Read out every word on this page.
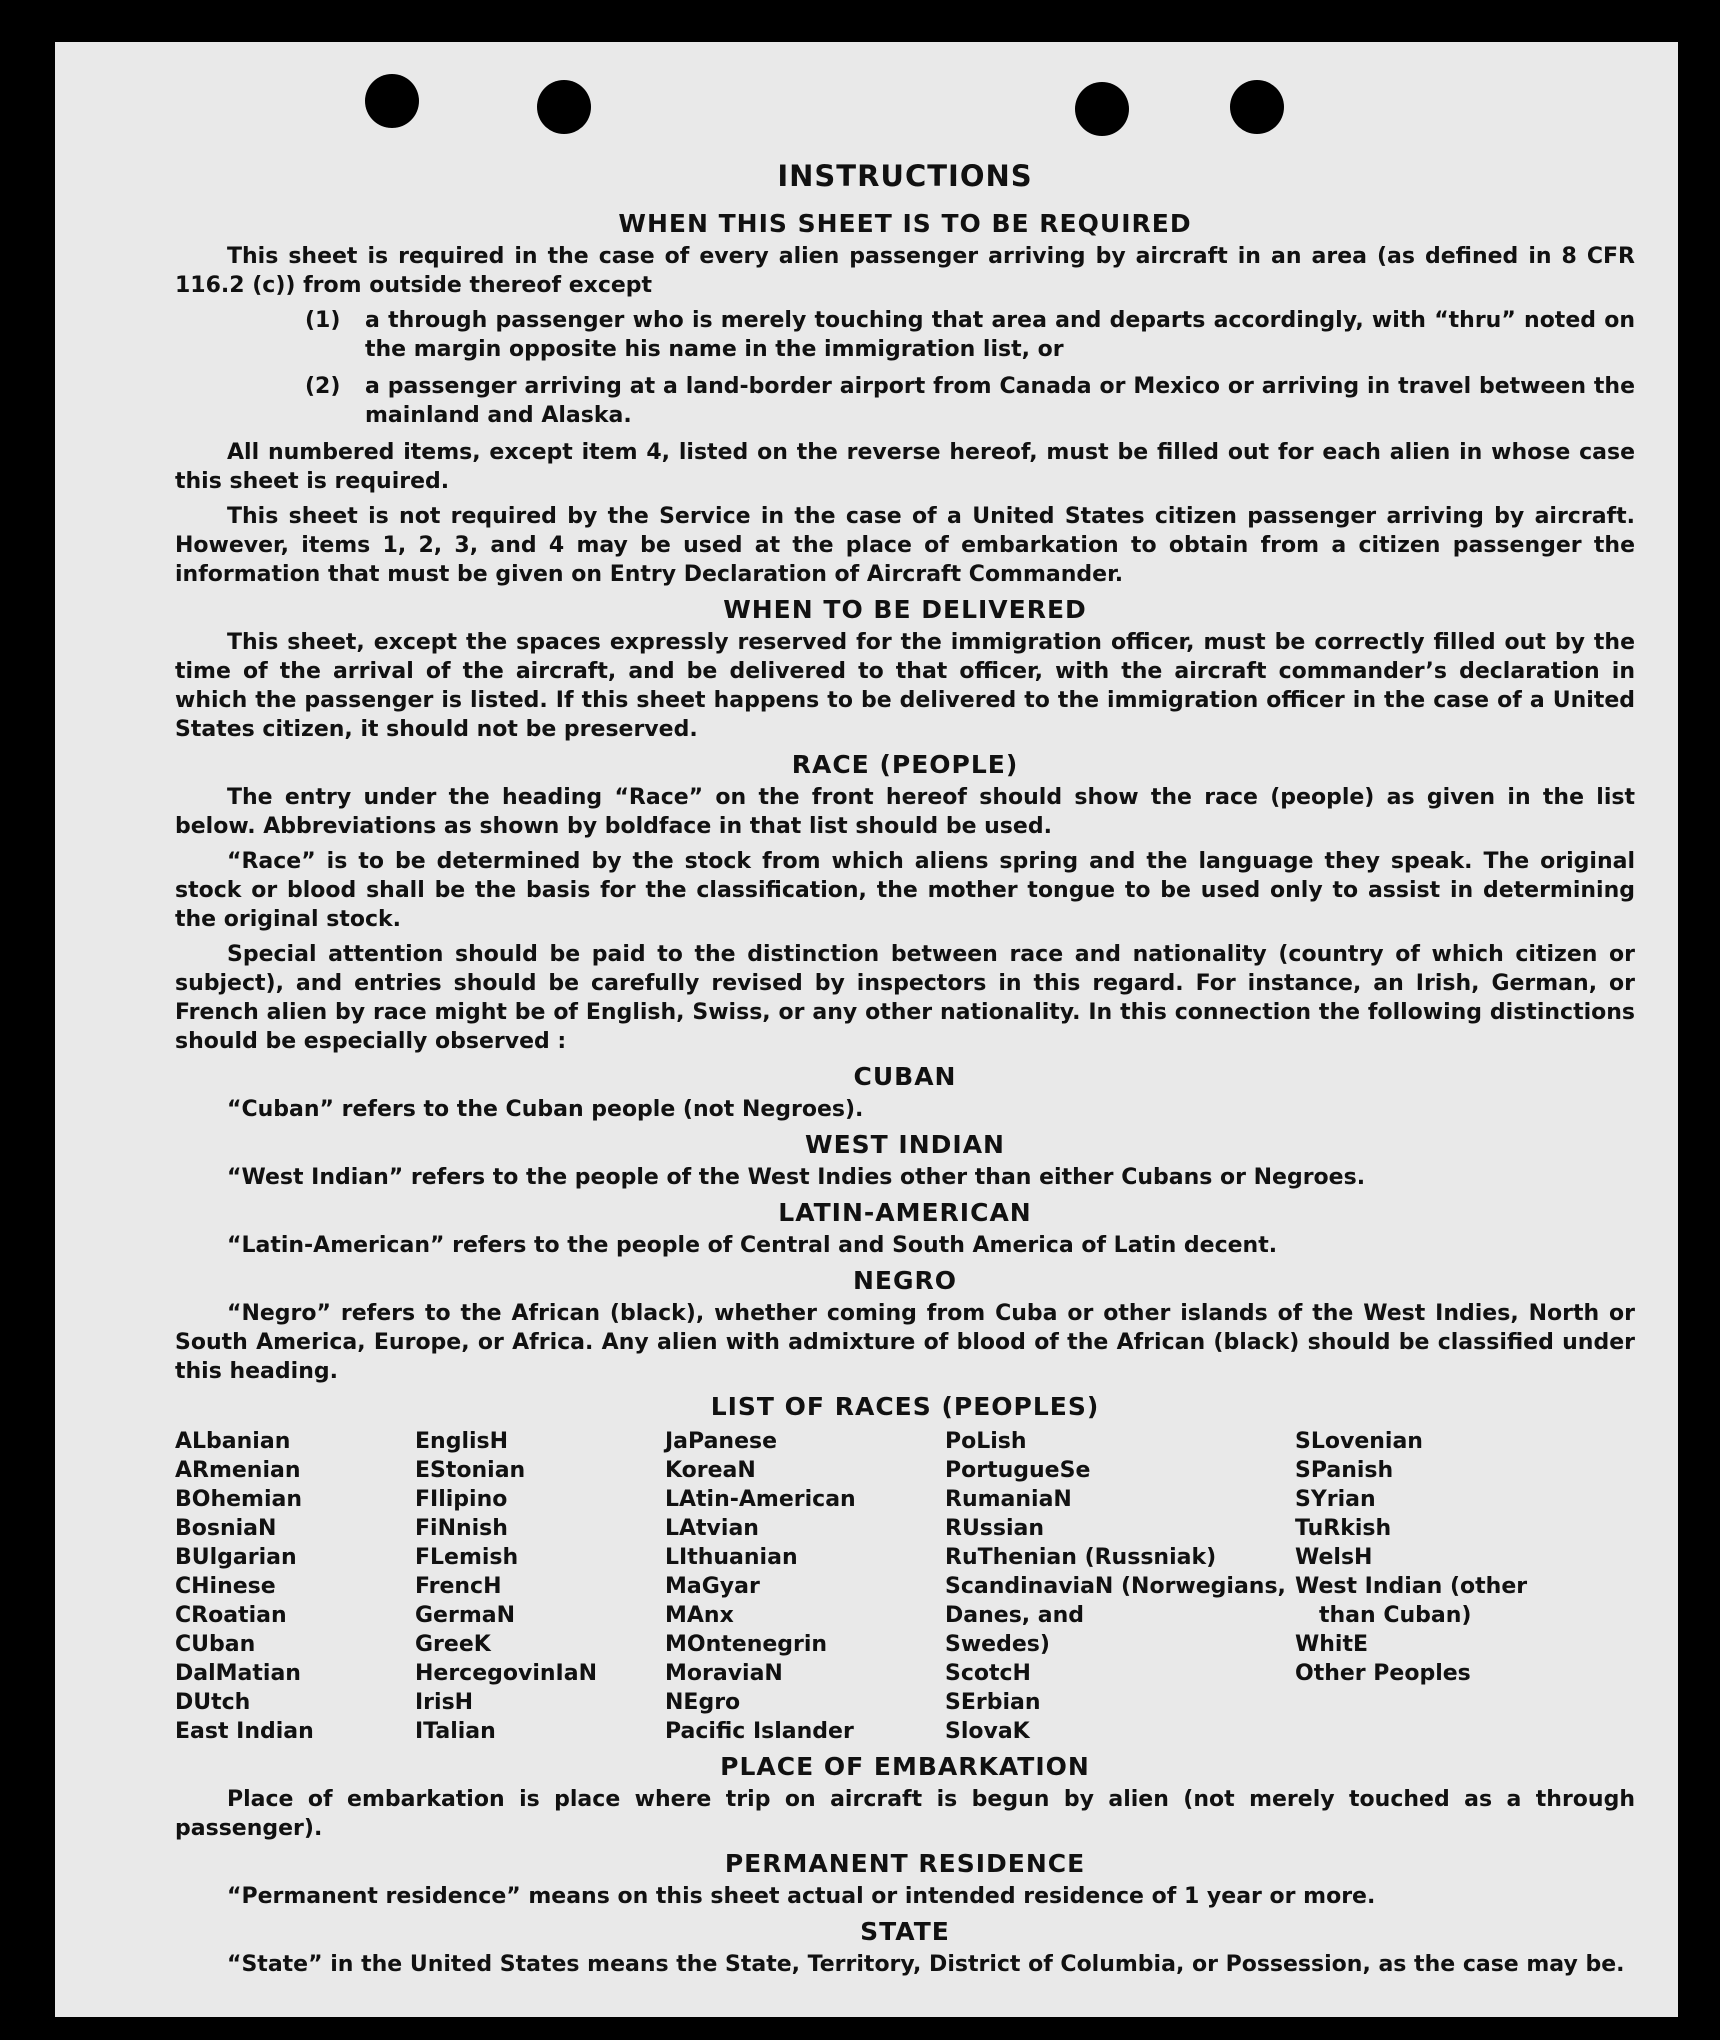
INSTRUCTIONS
WHEN THIS SHEET IS TO BE REQUIRED

This sheet is required in the case of every alien passenger arriving by aircraft in an area (as defined in 8 CFR 116.2 (c)) from outside thereof except

(1)	a through passenger who is merely touching that area and departs accordingly, with “thru” noted on the margin opposite his name in the immigration list, or
(2)	a passenger arriving at a land-border airport from Canada or Mexico or arriving in travel between the mainland and Alaska.

All numbered items, except item 4, listed on the reverse hereof, must be filled out for each alien in whose case this sheet is required.

This sheet is not required by the Service in the case of a United States citizen passenger arriving by aircraft. However, items 1, 2, 3, and 4 may be used at the place of embarkation to obtain from a citizen passenger the information that must be given on Entry Declaration of Aircraft Commander.

WHEN TO BE DELIVERED

This sheet, except the spaces expressly reserved for the immigration officer, must be correctly filled out by the time of the arrival of the aircraft, and be delivered to that officer, with the aircraft commander’s declaration in which the passenger is listed. If this sheet happens to be delivered to the immigration officer in the case of a United States citizen, it should not be preserved.

RACE (PEOPLE)

The entry under the heading “Race” on the front hereof should show the race (people) as given in the list below. Abbreviations as shown by boldface in that list should be used.

“Race” is to be determined by the stock from which aliens spring and the language they speak. The original stock or blood shall be the basis for the classification, the mother tongue to be used only to assist in determining the original stock.

Special attention should be paid to the distinction between race and nationality (country of which citizen or subject), and entries should be carefully revised by inspectors in this regard. For instance, an Irish, German, or French alien by race might be of English, Swiss, or any other nationality. In this connection the following distinctions should be especially observed :

CUBAN

“Cuban” refers to the Cuban people (not Negroes).

WEST INDIAN

“West Indian” refers to the people of the West Indies other than either Cubans or Negroes.

LATIN-AMERICAN

“Latin-American” refers to the people of Central and South America of Latin decent.

NEGRO

“Negro” refers to the African (black), whether coming from Cuba or other islands of the West Indies, North or South America, Europe, or Africa. Any alien with admixture of blood of the African (black) should be classified under this heading.

LIST OF RACES (PEOPLES)
ALbanian
ARmenian
BOhemian
BosniaN
BUlgarian
CHinese
CRoatian
CUban
DalMatian
DUtch
East Indian
EnglisH
EStonian
FIlipino
FiNnish
FLemish
FrencH
GermaN
GreeK
HercegovinIaN
IrisH
ITalian
JaPanese
KoreaN
LAtin-American
LAtvian
LIthuanian
MaGyar
MAnx
MOntenegrin
MoraviaN
NEgro
Pacific Islander
PoLish
PortugueSe
RumaniaN
RUssian
RuThenian (Russniak)
ScandinaviaN (Norwegians,
Danes, and
Swedes)
ScotcH
SErbian
SlovaK
SLovenian
SPanish
SYrian
TuRkish
WelsH
West Indian (other
than Cuban)
WhitE
Other Peoples
PLACE OF EMBARKATION

Place of embarkation is place where trip on aircraft is begun by alien (not merely touched as a through passenger).

PERMANENT RESIDENCE

“Permanent residence” means on this sheet actual or intended residence of 1 year or more.

STATE

“State” in the United States means the State, Territory, District of Columbia, or Possession, as the case may be.
